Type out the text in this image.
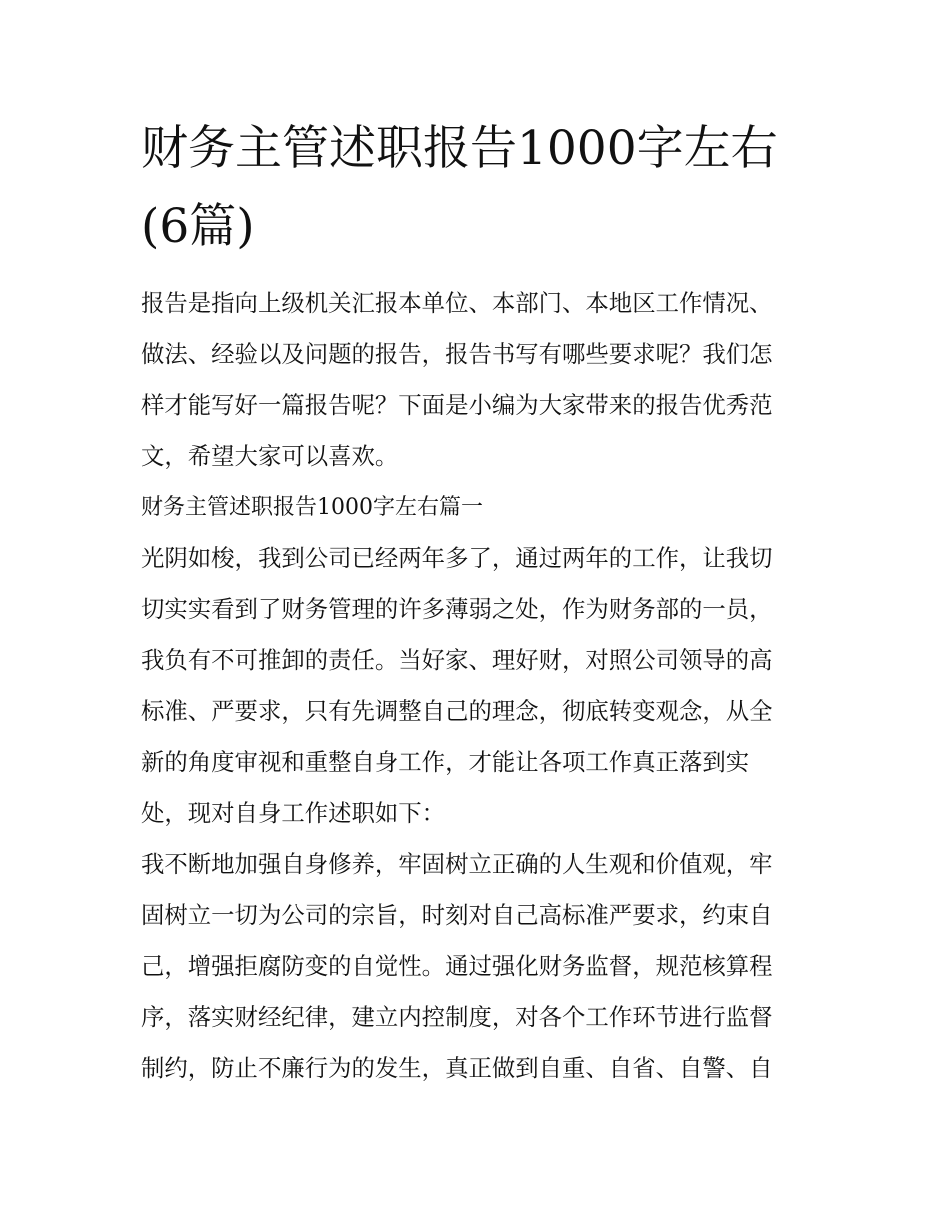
财务主管述职报告1000字左右
(6篇)

报告是指向上级机关汇报本单位、本部门、本地区工作情况、
做法、经验以及问题的报告，报告书写有哪些要求呢？我们怎
样才能写好一篇报告呢？下面是小编为大家带来的报告优秀范
文，希望大家可以喜欢。

财务主管述职报告1000字左右篇一

光阴如梭，我到公司已经两年多了，通过两年的工作，让我切
切实实看到了财务管理的许多薄弱之处，作为财务部的一员，
我负有不可推卸的责任。当好家、理好财，对照公司领导的高
标准、严要求，只有先调整自己的理念，彻底转变观念，从全
新的角度审视和重整自身工作，才能让各项工作真正落到实
处，现对自身工作述职如下：

我不断地加强自身修养，牢固树立正确的人生观和价值观，牢
固树立一切为公司的宗旨，时刻对自己高标准严要求，约束自
己，增强拒腐防变的自觉性。通过强化财务监督，规范核算程
序，落实财经纪律，建立内控制度，对各个工作环节进行监督
制约，防止不廉行为的发生，真正做到自重、自省、自警、自
